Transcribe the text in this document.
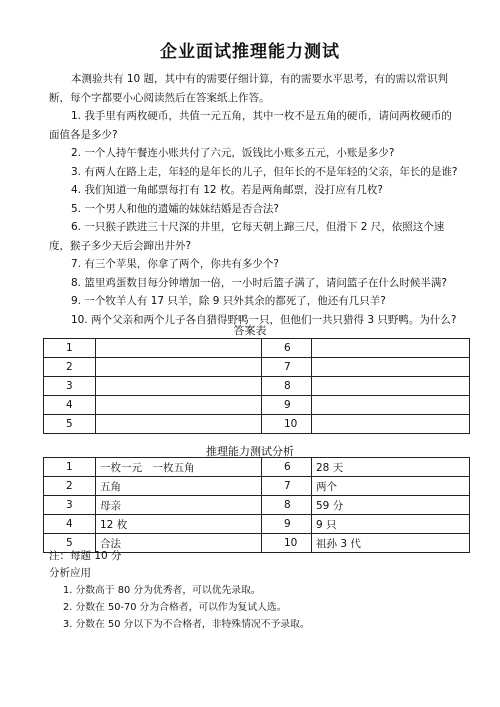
企业面试推理能力测试

本测验共有 10 题，其中有的需要仔细计算，有的需要水平思考，有的需以常识判断，每个字都要小心阅读然后在答案纸上作答。

1. 我手里有两枚硬币，共值一元五角，其中一枚不是五角的硬币，请问两枚硬币的面值各是多少?

2. 一个人持午餐连小账共付了六元，饭钱比小账多五元，小账是多少?

3. 有两人在路上走，年轻的是年长的儿子，但年长的不是年轻的父亲，年长的是谁?

4. 我们知道一角邮票每打有 12 枚。若是两角邮票，没打应有几枚?

5. 一个男人和他的遗孀的妹妹结婚是否合法?

6. 一只猴子跌进三十尺深的井里，它每天朝上蹿三尺，但滑下 2 尺，依照这个速度，猴子多少天后会蹿出井外?

7. 有三个苹果，你拿了两个，你共有多少个?

8. 篮里鸡蛋数目每分钟增加一倍，一小时后篮子满了，请问篮子在什么时候半满?

9. 一个牧羊人有 17 只羊，除 9 只外其余的都死了，他还有几只羊?

10. 两个父亲和两个儿子各自猎得野鸭一只，但他们一共只猎得 3 只野鸭。为什么?

答案表
1		6	
2		7	
3		8	
4		9	
5		10	
推理能力测试分析
1	一枚一元　一枚五角	6	28 天
2	五角	7	两个
3	母亲	8	59 分
4	12 枚	9	9 只
5	合法	10	祖孙 3 代
注：每题 10 分
分析应用
1. 分数高于 80 分为优秀者，可以优先录取。
2. 分数在 50-70 分为合格者，可以作为复试人选。
3. 分数在 50 分以下为不合格者，非特殊情况不予录取。
